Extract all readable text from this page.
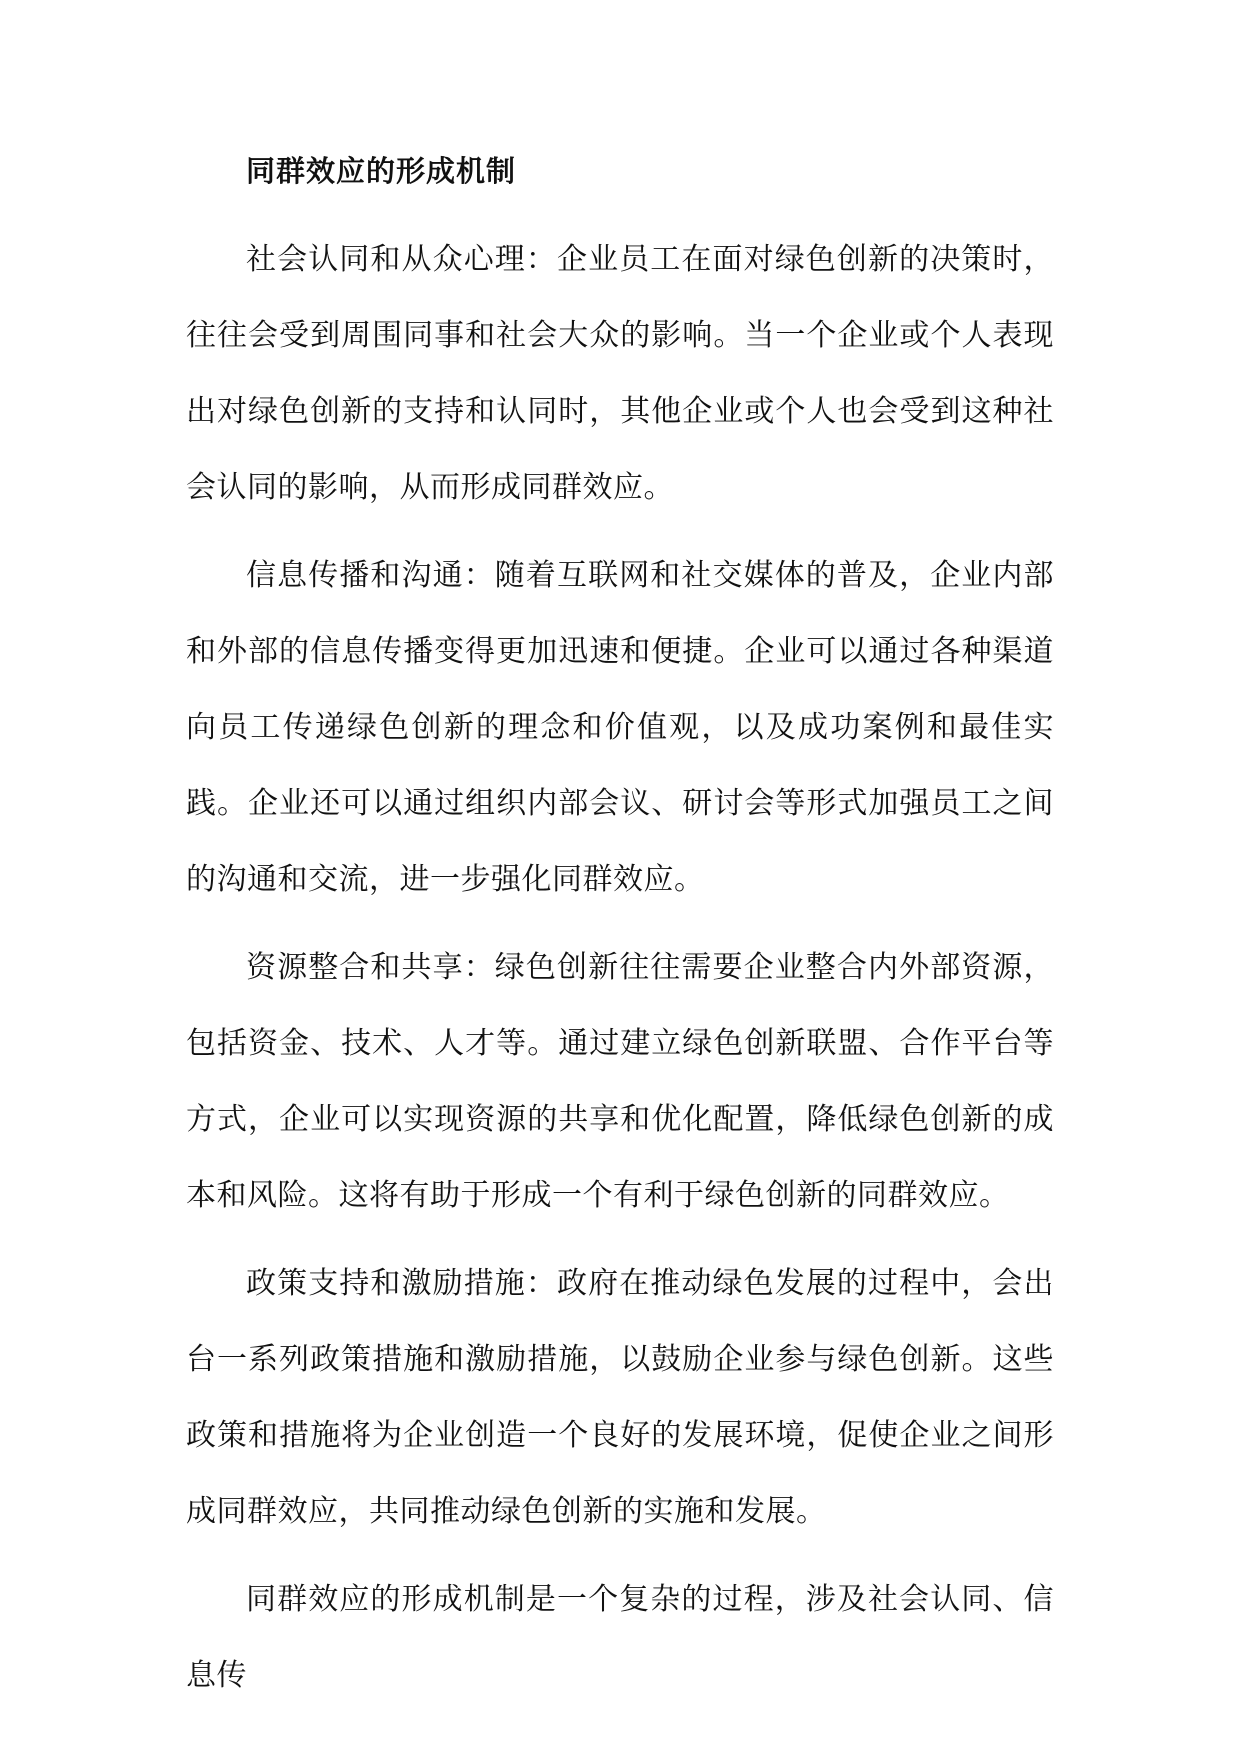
同群效应的形成机制

社会认同和从众心理：企业员工在面对绿色创新的决策时，往往会受到周围同事和社会大众的影响。当一个企业或个人表现出对绿色创新的支持和认同时，其他企业或个人也会受到这种社会认同的影响，从而形成同群效应。

信息传播和沟通：随着互联网和社交媒体的普及，企业内部和外部的信息传播变得更加迅速和便捷。企业可以通过各种渠道向员工传递绿色创新的理念和价值观，以及成功案例和最佳实践。企业还可以通过组织内部会议、研讨会等形式加强员工之间的沟通和交流，进一步强化同群效应。

资源整合和共享：绿色创新往往需要企业整合内外部资源，包括资金、技术、人才等。通过建立绿色创新联盟、合作平台等方式，企业可以实现资源的共享和优化配置，降低绿色创新的成本和风险。这将有助于形成一个有利于绿色创新的同群效应。

政策支持和激励措施：政府在推动绿色发展的过程中，会出台一系列政策措施和激励措施，以鼓励企业参与绿色创新。这些政策和措施将为企业创造一个良好的发展环境，促使企业之间形成同群效应，共同推动绿色创新的实施和发展。

同群效应的形成机制是一个复杂的过程，涉及社会认同、信息传
